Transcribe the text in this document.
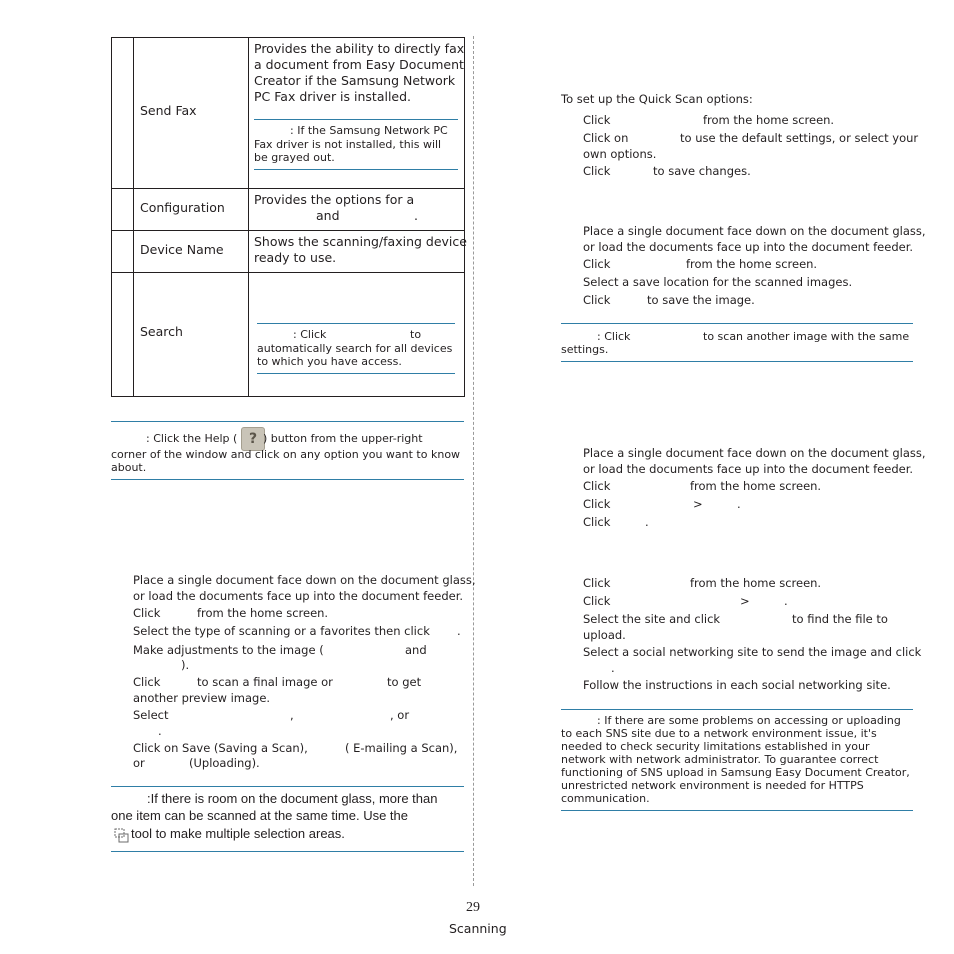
Send Fax
Provides the ability to directly fax
a document from Easy Document
Creator if the Samsung Network
PC Fax driver is installed.
: If the Samsung Network PC
Fax driver is not installed, this will
be grayed out.
Configuration
Provides the options for a
and	.
Device Name
Shows the scanning/faxing device
ready to use.
Search	: Click	to
automatically search for all devices
to which you have access.
: Click the Help ( ? ) button from the upper-right
corner of the window and click on any option you want to know
about.
Place a single document face down on the document glass,
or load the documents face up into the document feeder.
Click	from the home screen.
Select the type of scanning or a favorites then click .
Make adjustments to the image (	and
).
Click	to scan a final image or	to get
another preview image.
Select	,	, or
.
Click on Save (Saving a Scan),	( E-mailing a Scan),
or	(Uploading).
:If there is room on the document glass, more than
one item can be scanned at the same time. Use the
tool to make multiple selection areas.
To set up the Quick Scan options:
Click	from the home screen.
Click on	to use the default settings, or select your
own options.
Click	to save changes.
Place a single document face down on the document glass,
or load the documents face up into the document feeder.
Click	from the home screen.
Select a save location for the scanned images.
Click	to save the image.
: Click	to scan another image with the same
settings.
Place a single document face down on the document glass,
or load the documents face up into the document feeder.
Click	from the home screen.
Click	>	.
Click	.
Click	from the home screen.
Click	>	.
Select the site and click	to find the file to
upload.
Select a social networking site to send the image and click
.
Follow the instructions in each social networking site.
: If there are some problems on accessing or uploading
to each SNS site due to a network environment issue, it's
needed to check security limitations established in your
network with network administrator. To guarantee correct
functioning of SNS upload in Samsung Easy Document Creator,
unrestricted network environment is needed for HTTPS
communication.
29
Scanning
